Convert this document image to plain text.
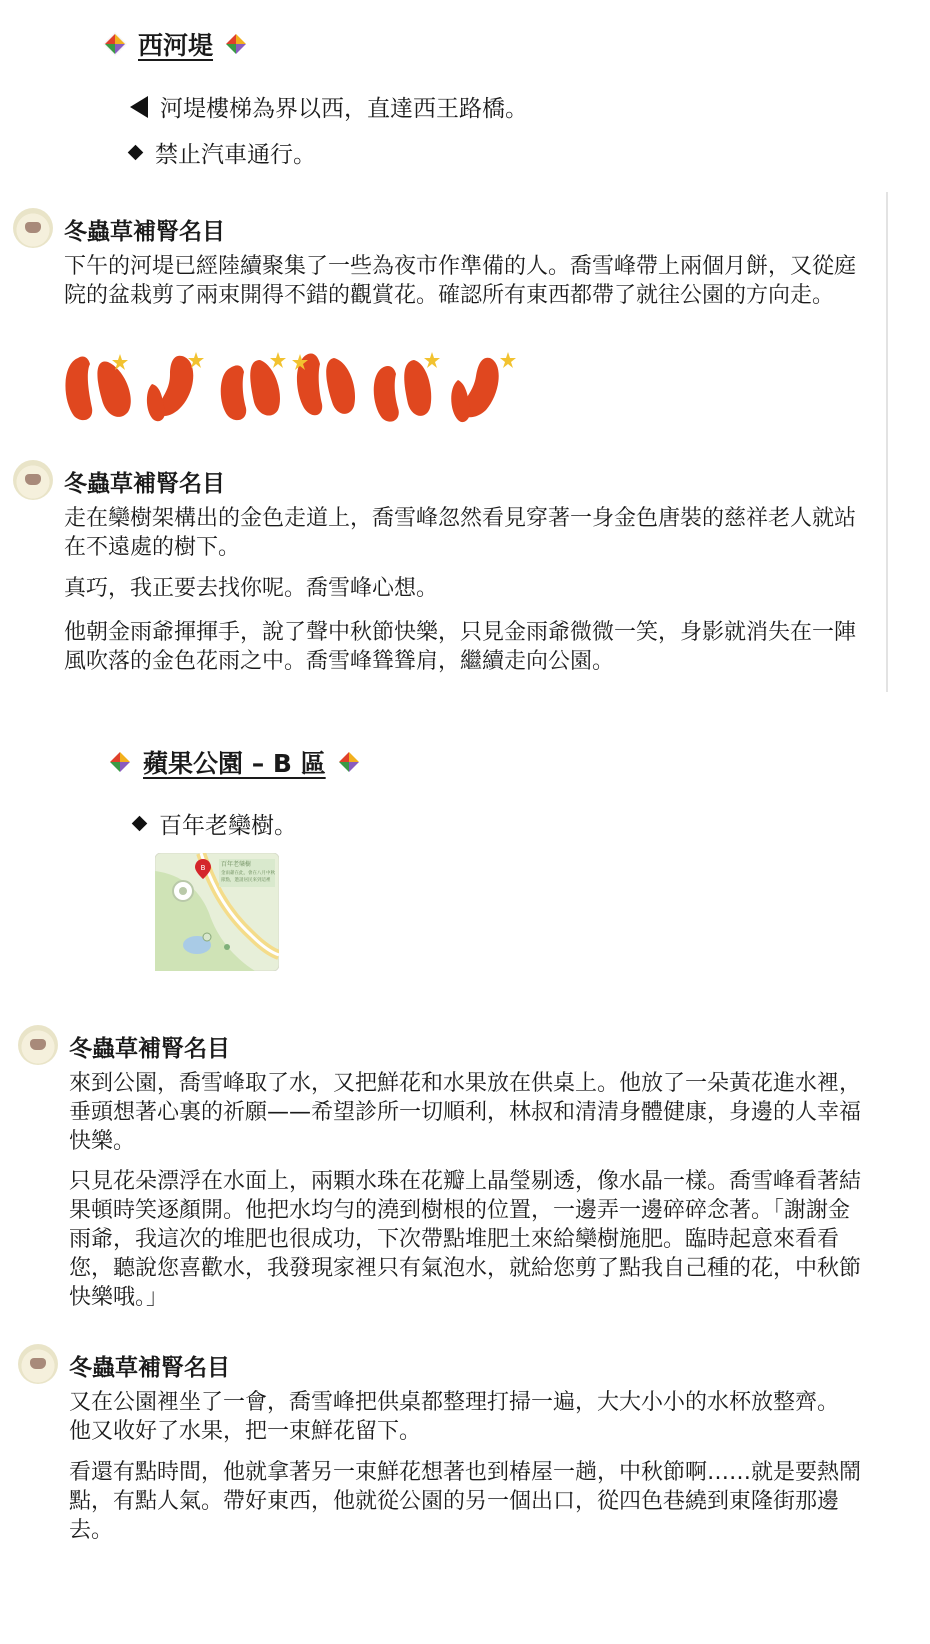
西河堤
河堤樓梯為界以西，直達西王路橋。
禁止汽車通行。
冬蟲草補腎名目

下午的河堤已經陸續聚集了一些為夜市作準備的人。喬雪峰帶上兩個月餅，又從庭院的盆栽剪了兩束開得不錯的觀賞花。確認所有東西都帶了就往公園的方向走。

冬蟲草補腎名目

走在欒樹架構出的金色走道上，喬雪峰忽然看見穿著一身金色唐裝的慈祥老人就站在不遠處的樹下。

真巧，我正要去找你呢。喬雪峰心想。

他朝金雨爺揮揮手，說了聲中秋節快樂，只見金雨爺微微一笑，身影就消失在一陣風吹落的金色花雨之中。喬雪峰聳聳肩，繼續走向公園。

蘋果公園 – B 區
百年老欒樹。
百年老欒樹
金雨爺在此，會在八月中秋
節點，邀請居民來到這裡
B
冬蟲草補腎名目

來到公園，喬雪峰取了水，又把鮮花和水果放在供桌上。他放了一朵黃花進水裡，垂頭想著心裏的祈願——希望診所一切順利，林叔和清清身體健康，身邊的人幸福快樂。

只見花朵漂浮在水面上，兩顆水珠在花瓣上晶瑩剔透，像水晶一樣。喬雪峰看著結果頓時笑逐顏開。他把水均勻的澆到樹根的位置，一邊弄一邊碎碎念著。「謝謝金雨爺，我這次的堆肥也很成功，下次帶點堆肥土來給欒樹施肥。臨時起意來看看您，聽說您喜歡水，我發現家裡只有氣泡水，就給您剪了點我自己種的花，中秋節快樂哦。」

冬蟲草補腎名目

又在公園裡坐了一會，喬雪峰把供桌都整理打掃一遍，大大小小的水杯放整齊。他又收好了水果，把一束鮮花留下。

看還有點時間，他就拿著另一束鮮花想著也到椿屋一趟，中秋節啊……就是要熱鬧點，有點人氣。帶好東西，他就從公園的另一個出口，從四色巷繞到東隆街那邊去。
